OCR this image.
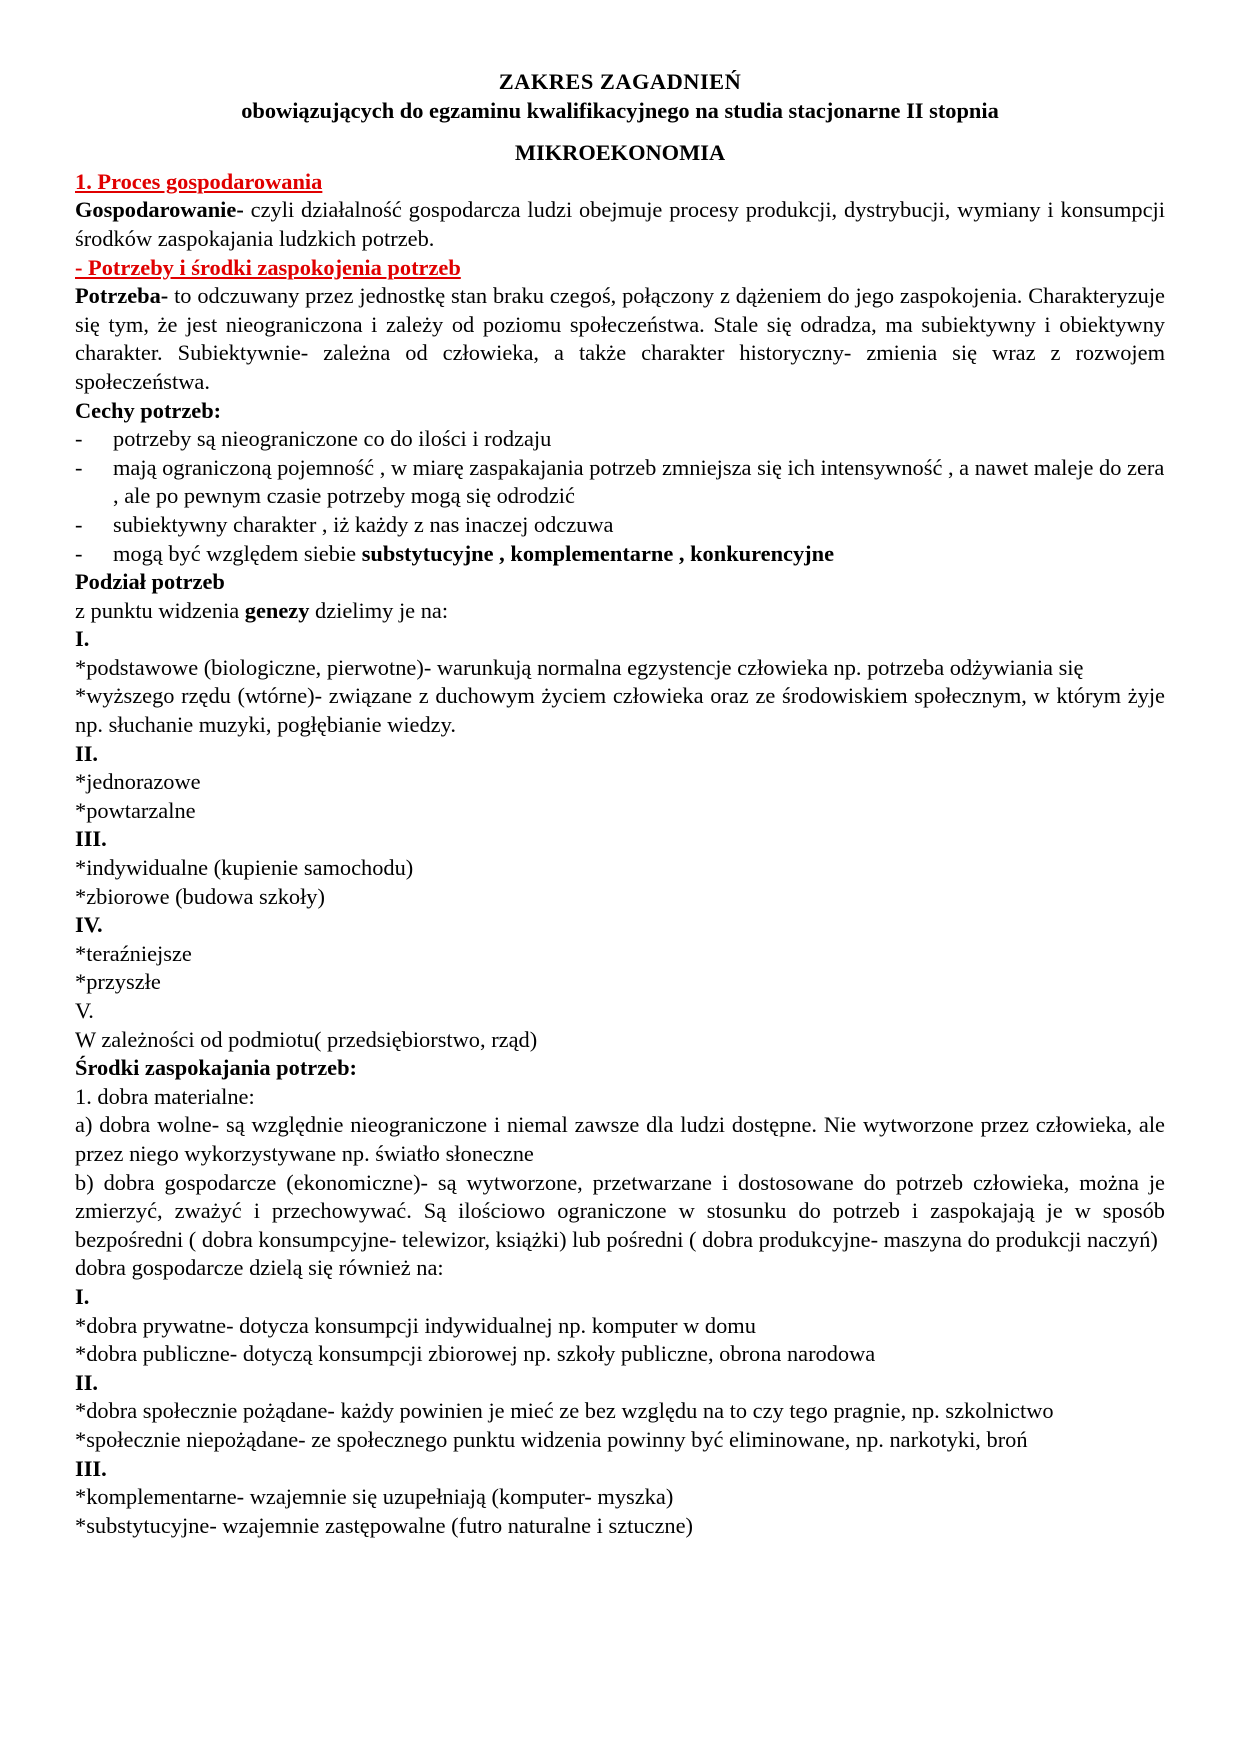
ZAKRES ZAGADNIEŃ

obowiązujących do egzaminu kwalifikacyjnego na studia stacjonarne II stopnia

MIKROEKONOMIA

1. Proces gospodarowania

Gospodarowanie- czyli działalność gospodarcza ludzi obejmuje procesy produkcji, dystrybucji, wymiany i konsumpcji środków zaspokajania ludzkich potrzeb.

- Potrzeby i środki zaspokojenia potrzeb

Potrzeba- to odczuwany przez jednostkę stan braku czegoś, połączony z dążeniem do jego zaspokojenia. Charakteryzuje się tym, że jest nieograniczona i zależy od poziomu społeczeństwa. Stale się odradza, ma subiektywny i obiektywny charakter. Subiektywnie- zależna od człowieka, a także charakter historyczny- zmienia się wraz z rozwojem społeczeństwa.

Cechy potrzeb:

- potrzeby są nieograniczone co do ilości i rodzaju
- mają ograniczoną pojemność , w miarę zaspakajania potrzeb zmniejsza się ich intensywność , a nawet maleje do zera , ale po pewnym czasie potrzeby mogą się odrodzić
- subiektywny charakter , iż każdy z nas inaczej odczuwa
- mogą być względem siebie substytucyjne , komplementarne , konkurencyjne

Podział potrzeb

z punktu widzenia genezy dzielimy je na:

I.

*podstawowe (biologiczne, pierwotne)- warunkują normalna egzystencje człowieka np. potrzeba odżywiania się

*wyższego rzędu (wtórne)- związane z duchowym życiem człowieka oraz ze środowiskiem społecznym, w którym żyje np. słuchanie muzyki, pogłębianie wiedzy.

II.

*jednorazowe

*powtarzalne

III.

*indywidualne (kupienie samochodu)

*zbiorowe (budowa szkoły)

IV.

*teraźniejsze

*przyszłe

V.

W zależności od podmiotu( przedsiębiorstwo, rząd)

Środki zaspokajania potrzeb:

1. dobra materialne:

a) dobra wolne- są względnie nieograniczone i niemal zawsze dla ludzi dostępne. Nie wytworzone przez człowieka, ale przez niego wykorzystywane np. światło słoneczne

b) dobra gospodarcze (ekonomiczne)- są wytworzone, przetwarzane i dostosowane do potrzeb człowieka, można je zmierzyć, zważyć i przechowywać. Są ilościowo ograniczone w stosunku do potrzeb i zaspokajają je w sposób bezpośredni ( dobra konsumpcyjne- telewizor, książki) lub pośredni ( dobra produkcyjne- maszyna do produkcji naczyń)

dobra gospodarcze dzielą się również na:

I.

*dobra prywatne- dotycza konsumpcji indywidualnej np. komputer w domu

*dobra publiczne- dotyczą konsumpcji zbiorowej np. szkoły publiczne, obrona narodowa

II.

*dobra społecznie pożądane- każdy powinien je mieć ze bez względu na to czy tego pragnie, np. szkolnictwo

*społecznie niepożądane- ze społecznego punktu widzenia powinny być eliminowane, np. narkotyki, broń

III.

*komplementarne- wzajemnie się uzupełniają (komputer- myszka)

*substytucyjne- wzajemnie zastępowalne (futro naturalne i sztuczne)
